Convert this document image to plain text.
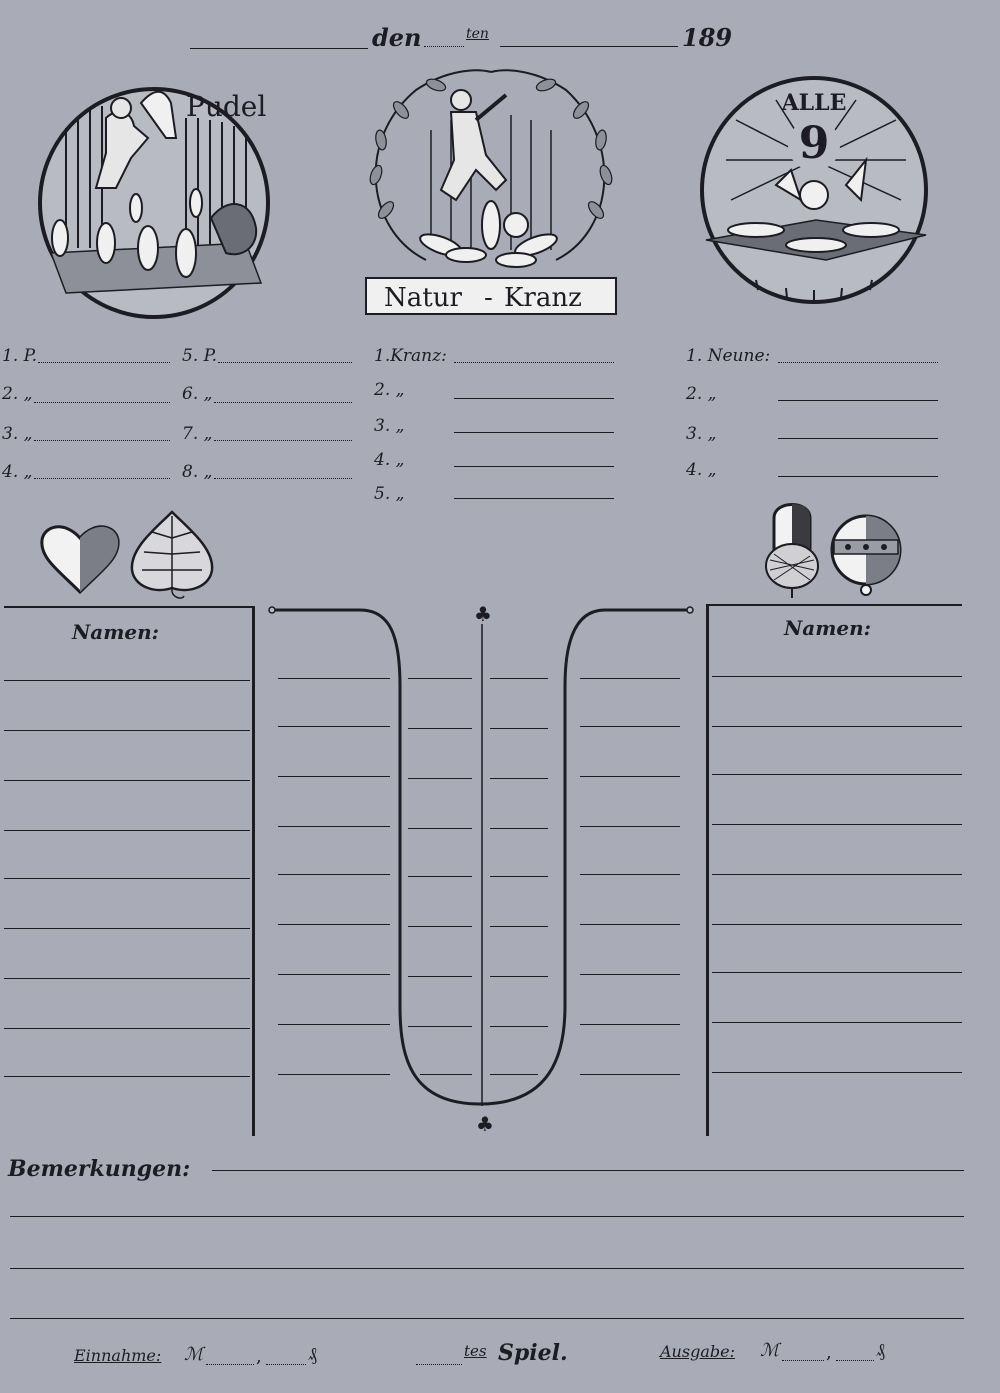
den	ten	189
Pudel
Natur - Kranz
9
ALLE
1. P.
2. „
3. „
4. „
5. P.
6. „
7. „
8. „
1.Kranz:
2. „
3. „
4. „
5. „
1. Neune:
2. „
3. „
4. „
Namen:	Namen:
♣
♣
Bemerkungen:
Einnahme: ℳ	,	₰	tes Spiel.	Ausgabe: ℳ	, ₰
